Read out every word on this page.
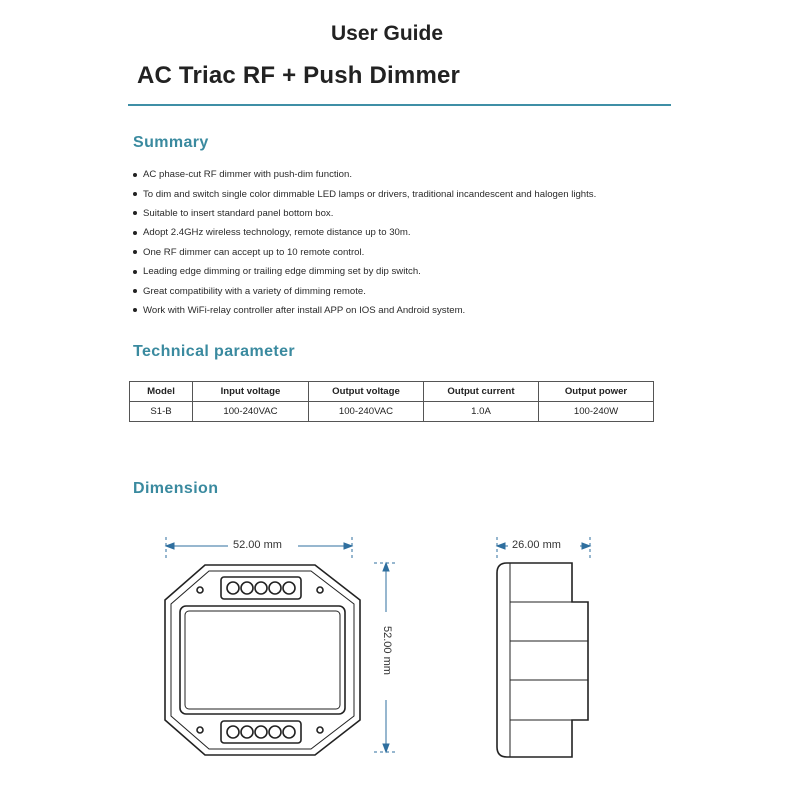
User Guide
AC Triac RF + Push Dimmer
Summary
AC phase-cut RF dimmer with push-dim function.
To dim and switch single color dimmable LED lamps or drivers, traditional incandescent and halogen lights.
Suitable to insert standard panel bottom box.
Adopt 2.4GHz wireless technology, remote distance up to 30m.
One RF dimmer can accept up to 10 remote control.
Leading edge dimming or trailing edge dimming set by dip switch.
Great compatibility with a variety of dimming remote.
Work with WiFi-relay controller after install APP on IOS and Android system.
Technical parameter
Model	Input voltage	Output voltage	Output current	Output power
S1-B	100-240VAC	100-240VAC	1.0A	100-240W
Dimension
52.00 mm
52.00 mm
26.00 mm
